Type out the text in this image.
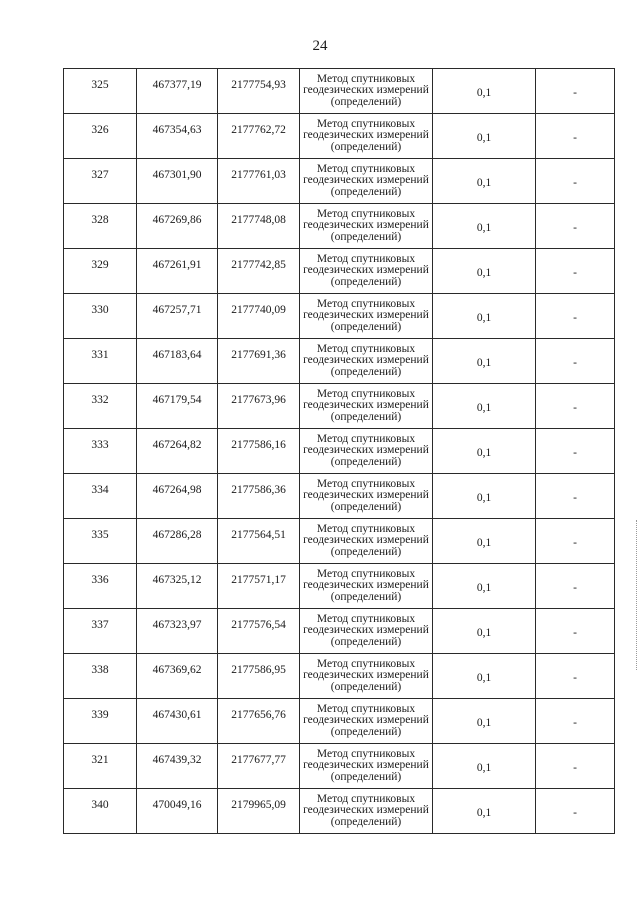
24
325	467377,19	2177754,93	Метод спутниковых
геодезических измерений
(определений)	0,1	-
326	467354,63	2177762,72	Метод спутниковых
геодезических измерений
(определений)	0,1	-
327	467301,90	2177761,03	Метод спутниковых
геодезических измерений
(определений)	0,1	-
328	467269,86	2177748,08	Метод спутниковых
геодезических измерений
(определений)	0,1	-
329	467261,91	2177742,85	Метод спутниковых
геодезических измерений
(определений)	0,1	-
330	467257,71	2177740,09	Метод спутниковых
геодезических измерений
(определений)	0,1	-
331	467183,64	2177691,36	Метод спутниковых
геодезических измерений
(определений)	0,1	-
332	467179,54	2177673,96	Метод спутниковых
геодезических измерений
(определений)	0,1	-
333	467264,82	2177586,16	Метод спутниковых
геодезических измерений
(определений)	0,1	-
334	467264,98	2177586,36	Метод спутниковых
геодезических измерений
(определений)	0,1	-
335	467286,28	2177564,51	Метод спутниковых
геодезических измерений
(определений)	0,1	-
336	467325,12	2177571,17	Метод спутниковых
геодезических измерений
(определений)	0,1	-
337	467323,97	2177576,54	Метод спутниковых
геодезических измерений
(определений)	0,1	-
338	467369,62	2177586,95	Метод спутниковых
геодезических измерений
(определений)	0,1	-
339	467430,61	2177656,76	Метод спутниковых
геодезических измерений
(определений)	0,1	-
321	467439,32	2177677,77	Метод спутниковых
геодезических измерений
(определений)	0,1	-
340	470049,16	2179965,09	Метод спутниковых
геодезических измерений
(определений)	0,1	-
